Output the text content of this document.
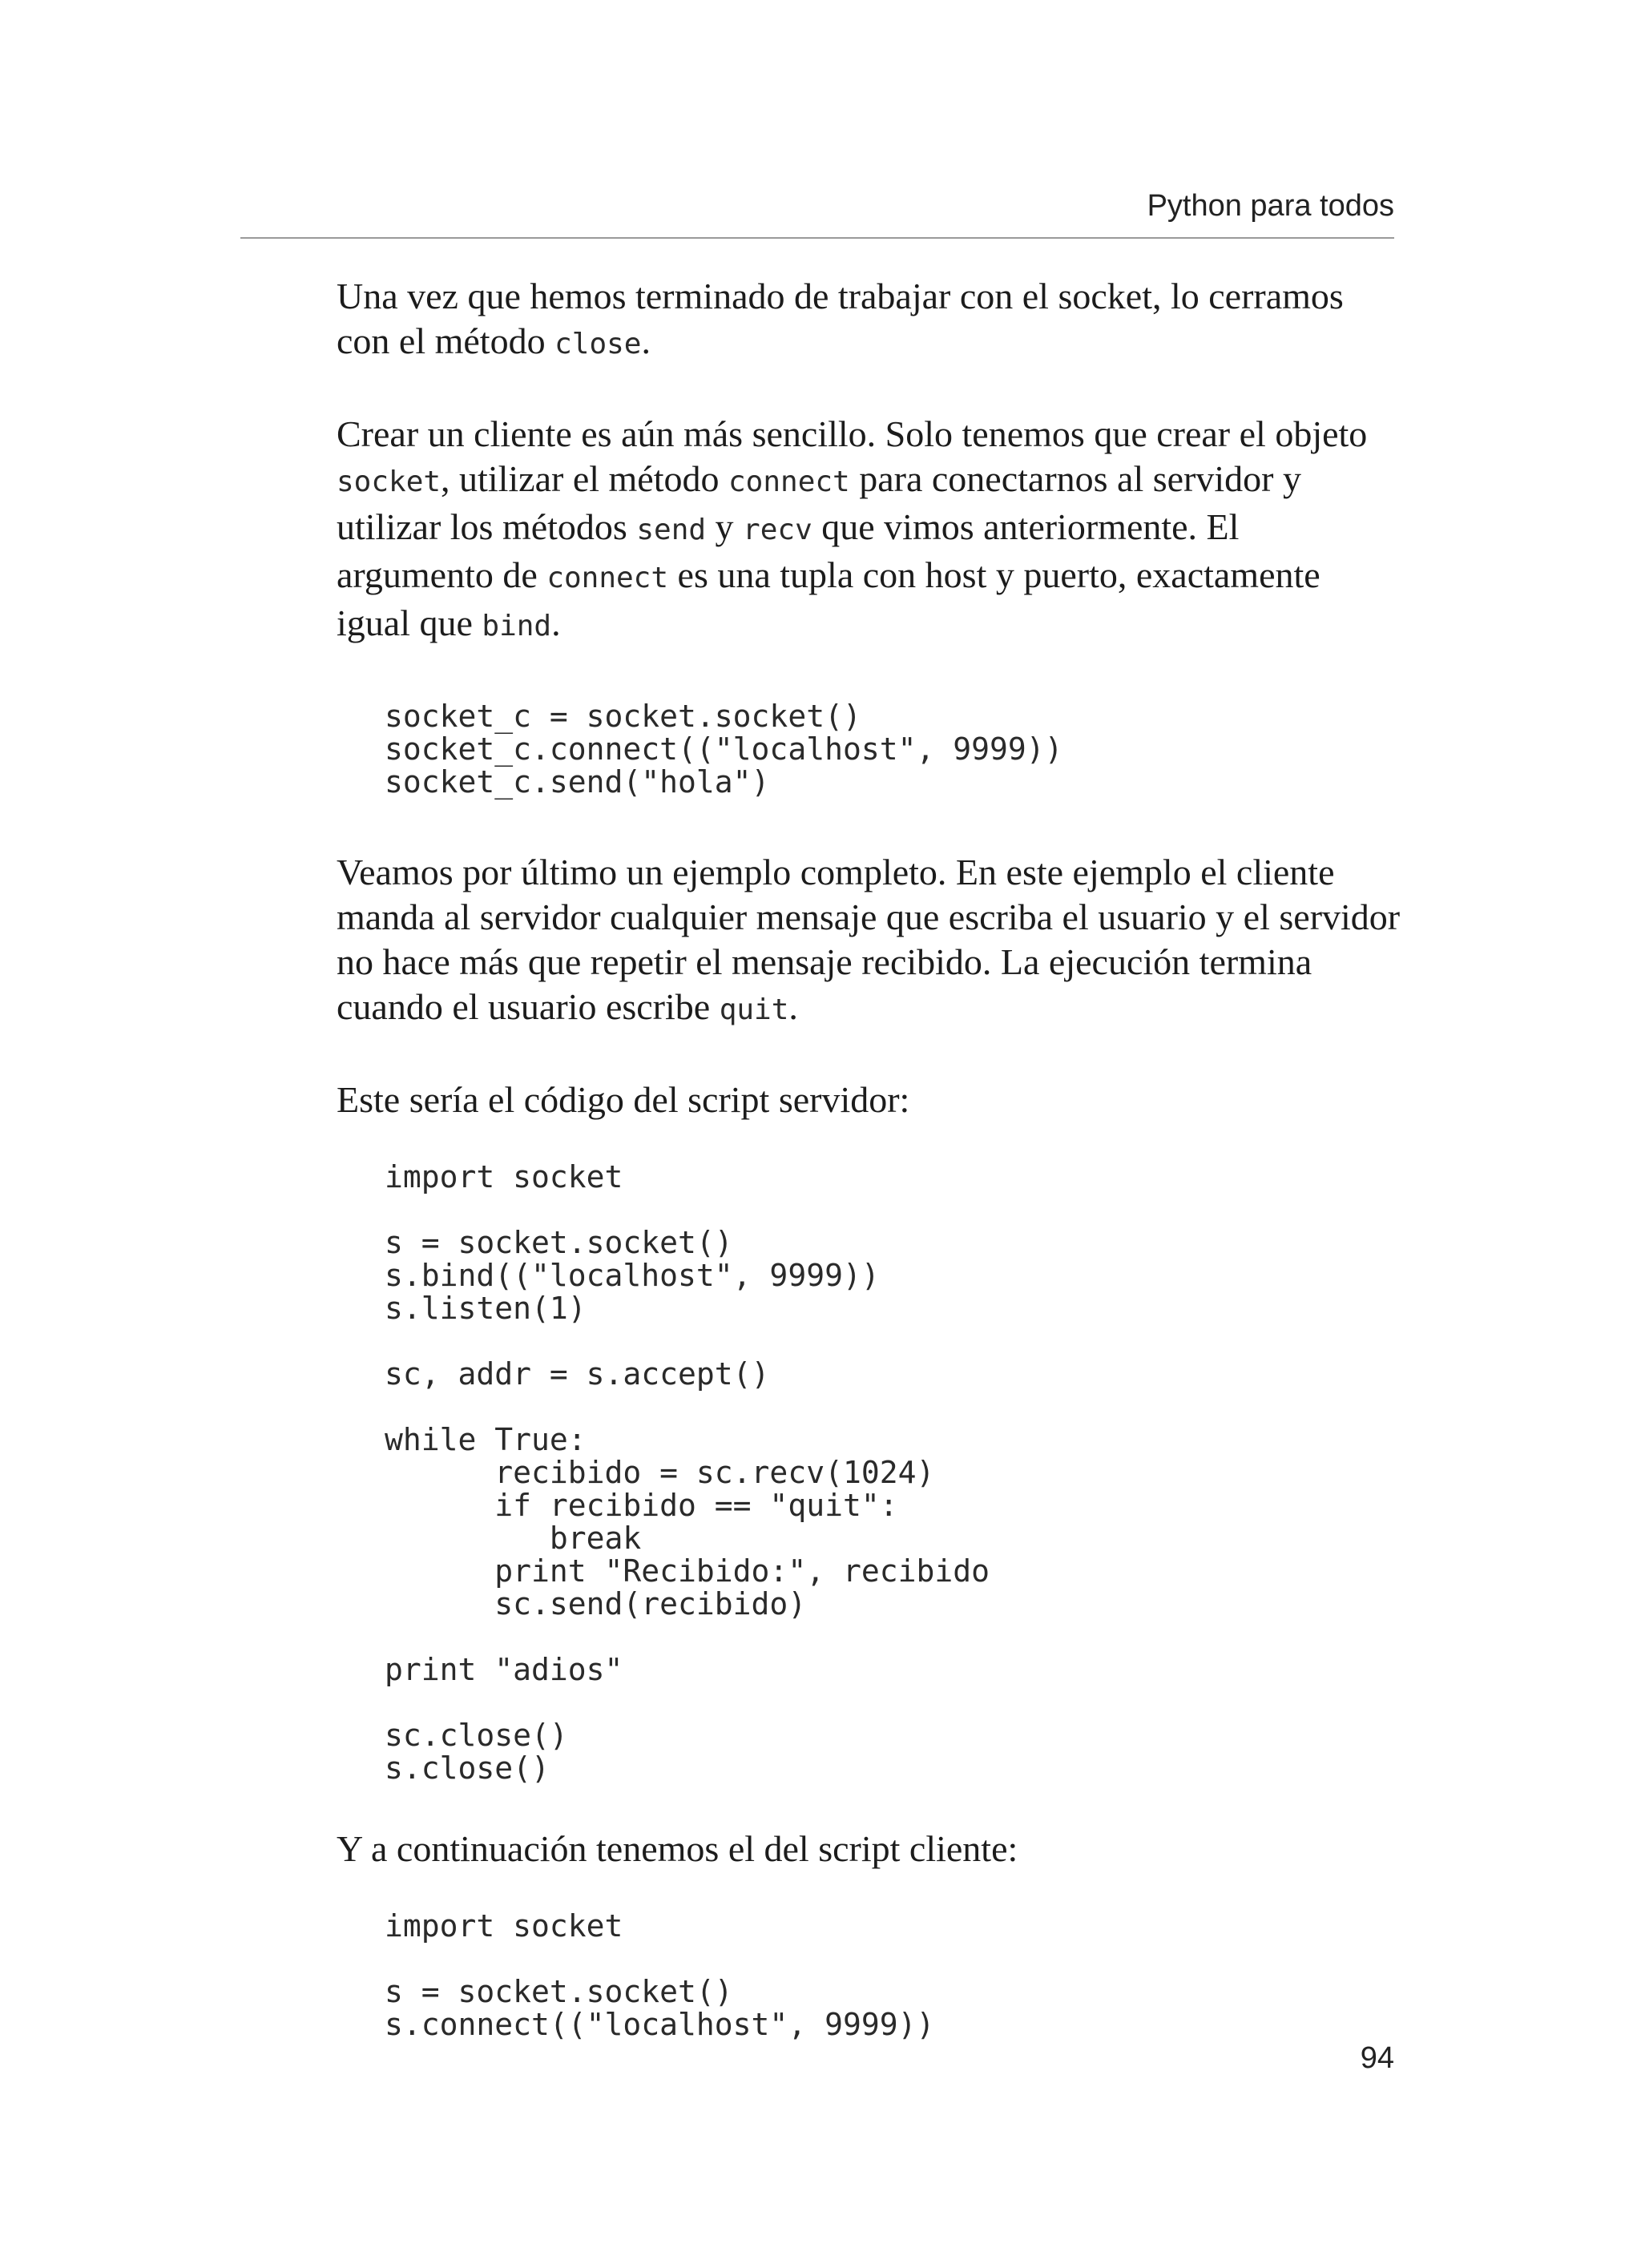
Python para todos

Una vez que hemos terminado de trabajar con el socket, lo cerramos con el método close.

Crear un cliente es aún más sencillo. Solo tenemos que crear el objeto socket, utilizar el método connect para conectarnos al servidor y utilizar los métodos send y recv que vimos anteriormente. El argumento de connect es una tupla con host y puerto, exactamente igual que bind.

socket_c = socket.socket()
socket_c.connect(("localhost", 9999))
socket_c.send("hola")

Veamos por último un ejemplo completo. En este ejemplo el cliente manda al servidor cualquier mensaje que escriba el usuario y el servidor no hace más que repetir el mensaje recibido. La ejecución termina cuando el usuario escribe quit.

Este sería el código del script servidor:

import socket

s = socket.socket()
s.bind(("localhost", 9999))
s.listen(1)

sc, addr = s.accept()

while True:
recibido = sc.recv(1024)
if recibido == "quit":
break
print "Recibido:", recibido
sc.send(recibido)

print "adios"

sc.close()
s.close()

Y a continuación tenemos el del script cliente:

import socket

s = socket.socket()
s.connect(("localhost", 9999))
94
